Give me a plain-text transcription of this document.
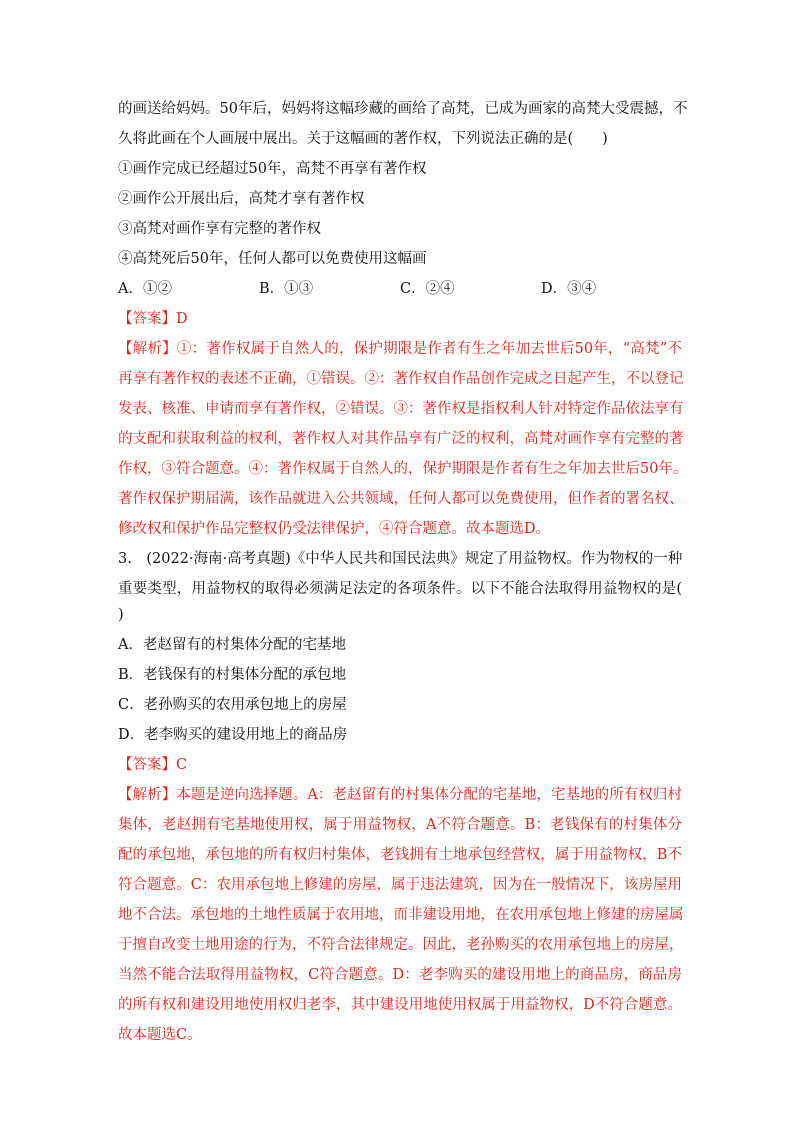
的画送给妈妈。50年后，妈妈将这幅珍藏的画给了高梵，已成为画家的高梵大受震撼，不
久将此画在个人画展中展出。关于这幅画的著作权，下列说法正确的是(　　)
①画作完成已经超过50年，高梵不再享有著作权
②画作公开展出后，高梵才享有著作权
③高梵对画作享有完整的著作权
④高梵死后50年，任何人都可以免费使用这幅画
A．①②	B．①③	C．②④	D．③④
【答案】D
【解析】①：著作权属于自然人的，保护期限是作者有生之年加去世后50年，“高梵”不
再享有著作权的表述不正确，①错误。②：著作权自作品创作完成之日起产生，不以登记
发表、核准、申请而享有著作权，②错误。③：著作权是指权利人针对特定作品依法享有
的支配和获取利益的权利，著作权人对其作品享有广泛的权利，高梵对画作享有完整的著
作权，③符合题意。④：著作权属于自然人的，保护期限是作者有生之年加去世后50年。
著作权保护期届满，该作品就进入公共领域，任何人都可以免费使用，但作者的署名权、
修改权和保护作品完整权仍受法律保护，④符合题意。故本题选D。
3.　(2022·海南·高考真题)《中华人民共和国民法典》规定了用益物权。作为物权的一种
重要类型，用益物权的取得必须满足法定的各项条件。以下不能合法取得用益物权的是(
)
A．老赵留有的村集体分配的宅基地
B．老钱保有的村集体分配的承包地
C．老孙购买的农用承包地上的房屋
D．老李购买的建设用地上的商品房
【答案】C
【解析】本题是逆向选择题。A：老赵留有的村集体分配的宅基地，宅基地的所有权归村
集体，老赵拥有宅基地使用权，属于用益物权，A不符合题意。B：老钱保有的村集体分
配的承包地，承包地的所有权归村集体，老钱拥有土地承包经营权，属于用益物权，B不
符合题意。C：农用承包地上修建的房屋，属于违法建筑，因为在一般情况下，该房屋用
地不合法。承包地的土地性质属于农用地，而非建设用地，在农用承包地上修建的房屋属
于擅自改变土地用途的行为，不符合法律规定。因此，老孙购买的农用承包地上的房屋，
当然不能合法取得用益物权，C符合题意。D：老李购买的建设用地上的商品房，商品房
的所有权和建设用地使用权归老李，其中建设用地使用权属于用益物权，D不符合题意。
故本题选C。
